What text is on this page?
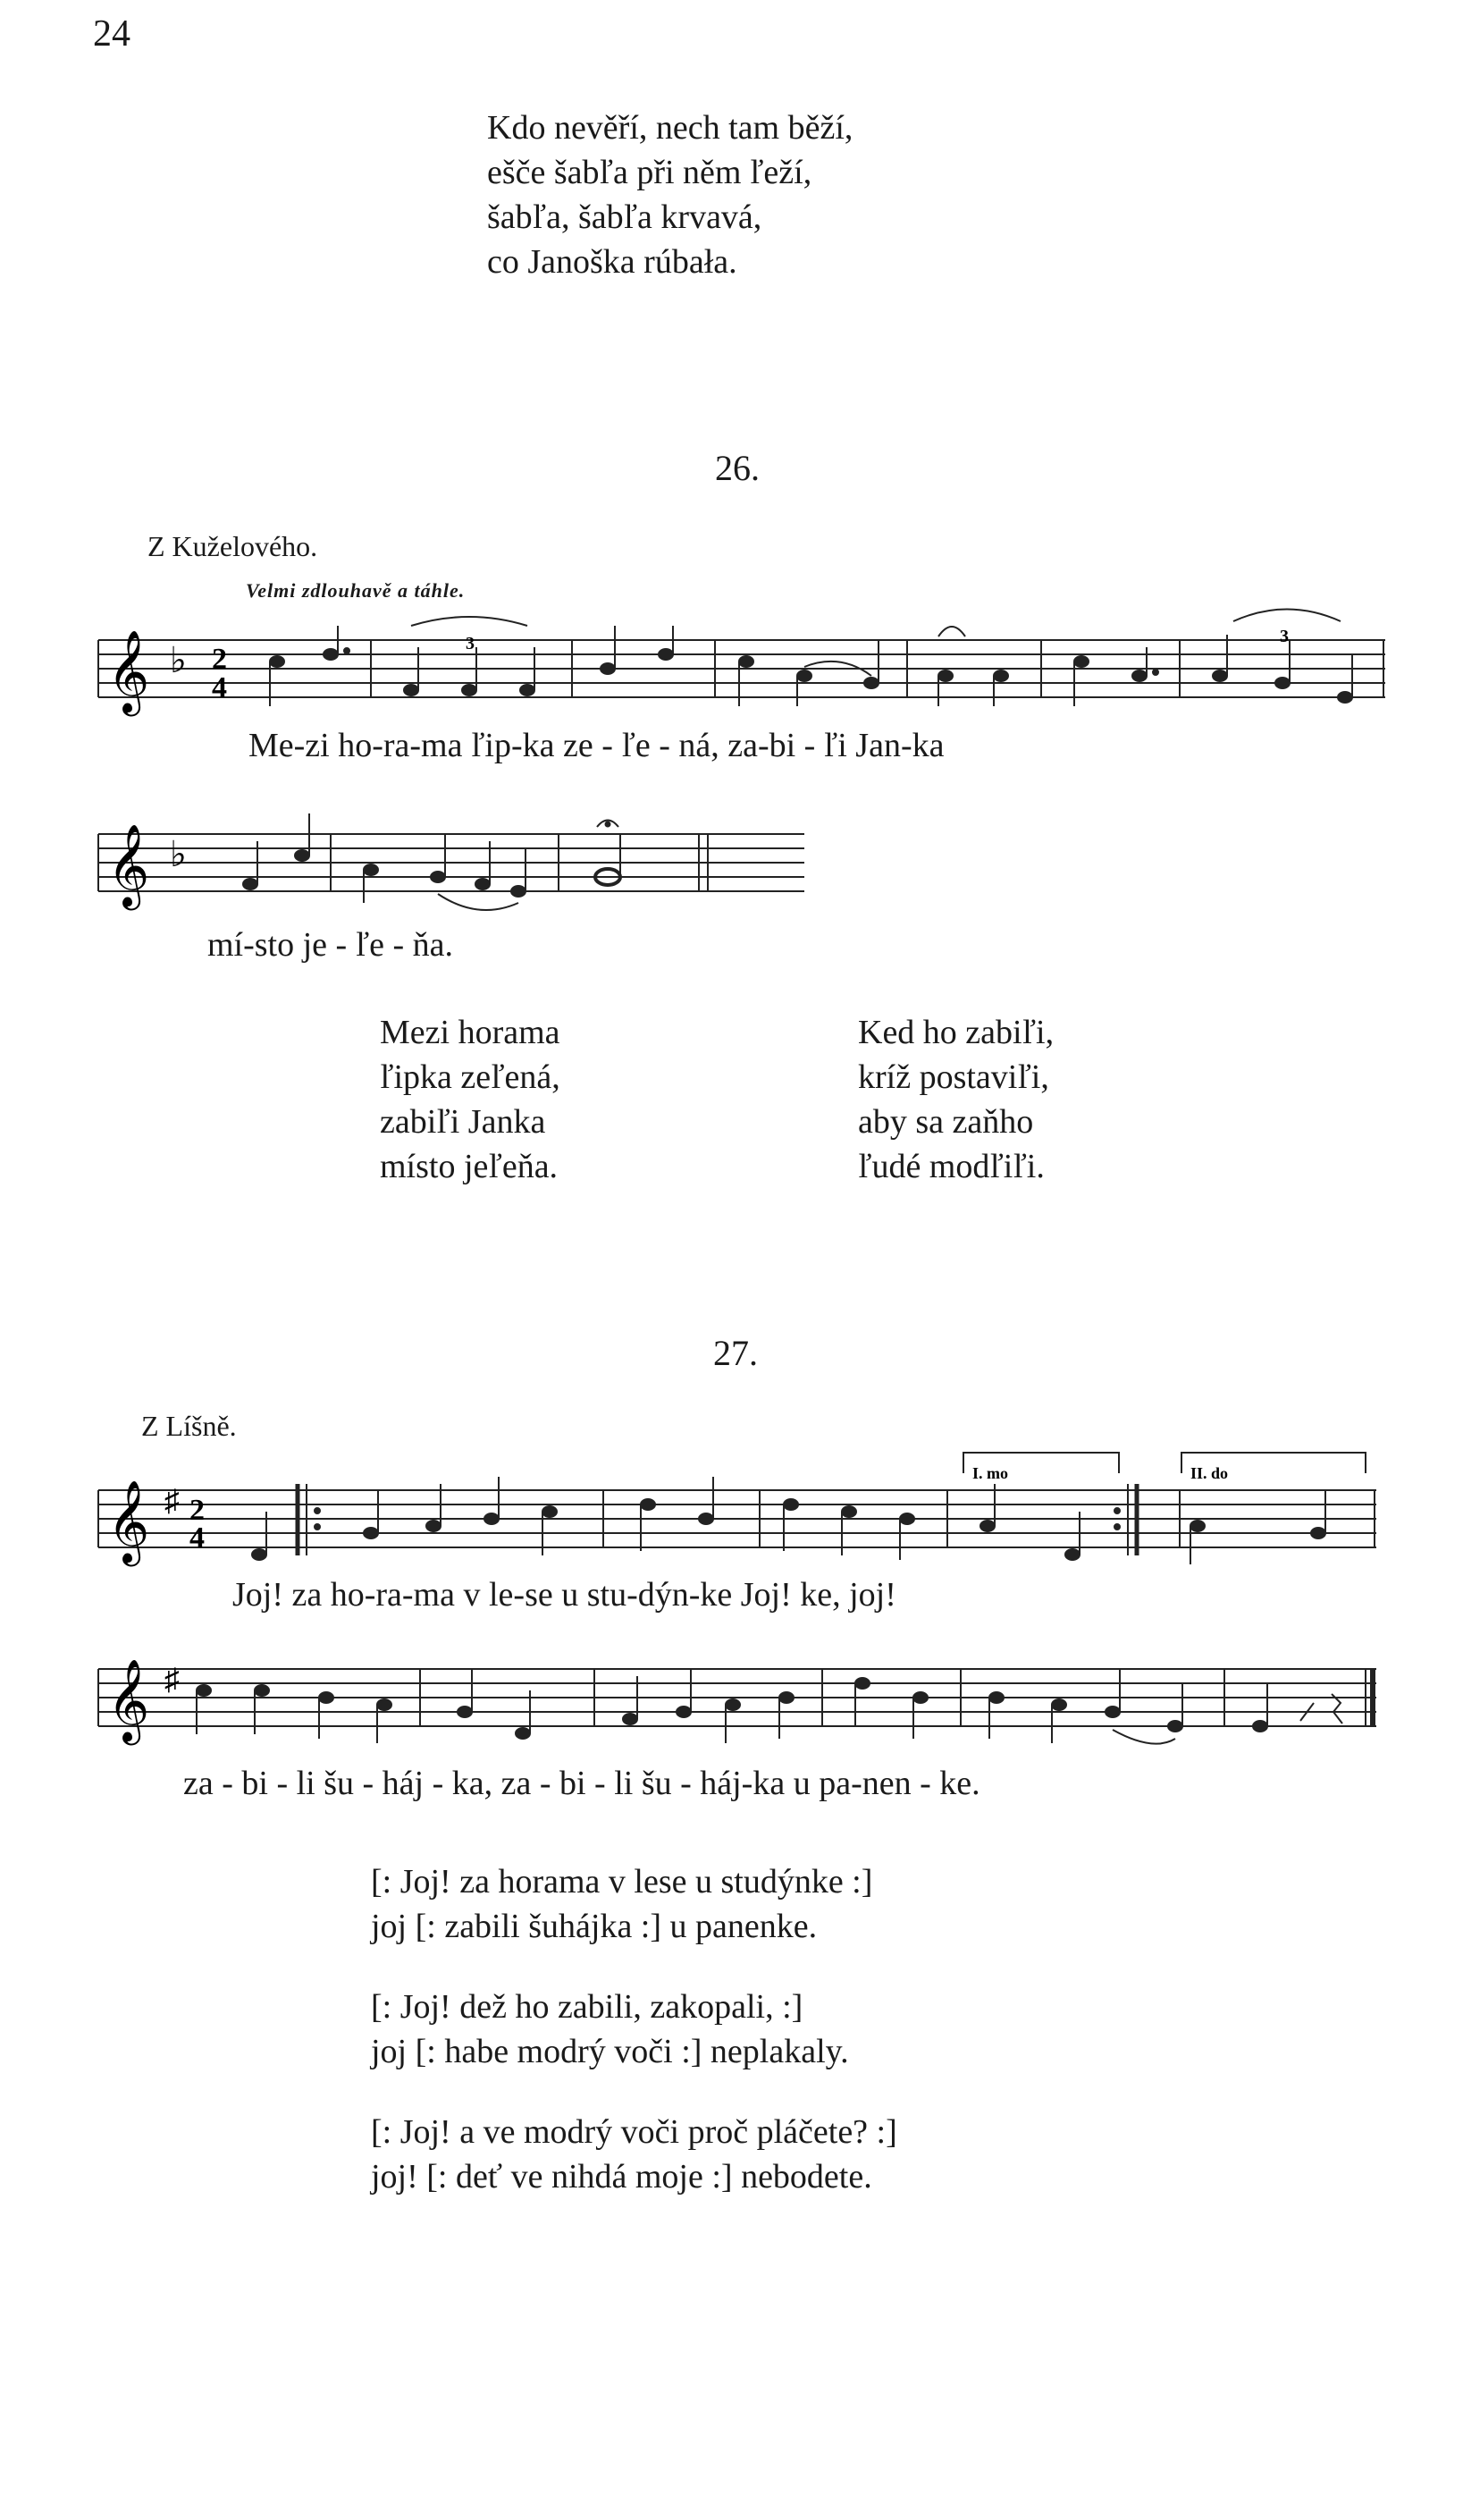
24
Kdo nevěří, nech tam běží,
ešče šabľa při něm ľeží,
šabľa, šabľa krvavá,
co Janoška rúbała.
26.
Z Kuželového.
Velmi zdlouhavě a táhle.
𝄞 ♭ 2
4
3	3
𝄞 ♭
𝄞 ♯ 2
4
I. mo	II. do
𝄞 ♯
Me-zi ho-ra-ma ľip-ka ze - ľe - ná, za-bi - ľi Jan-ka
mí-sto je - ľe - ňa.
Mezi horama
ľipka zeľená,
zabiľi Janka
místo jeľeňa.
Ked ho zabiľi,
kríž postaviľi,
aby sa zaňho
ľudé modľiľi.
27.
Z Líšně.
Joj! za ho-ra-ma v le-se u stu-dýn-ke Joj! ke, joj!
za - bi - li šu - háj - ka, za - bi - li šu - háj-ka u pa-nen - ke.
[: Joj! za horama v lese u studýnke :]
joj [: zabili šuhájka :] u panenke.
[: Joj! dež ho zabili, zakopali, :]
joj [: habe modrý voči :] neplakaly.
[: Joj! a ve modrý voči proč pláčete? :]
joj! [: deť ve nihdá moje :] nebodete.
